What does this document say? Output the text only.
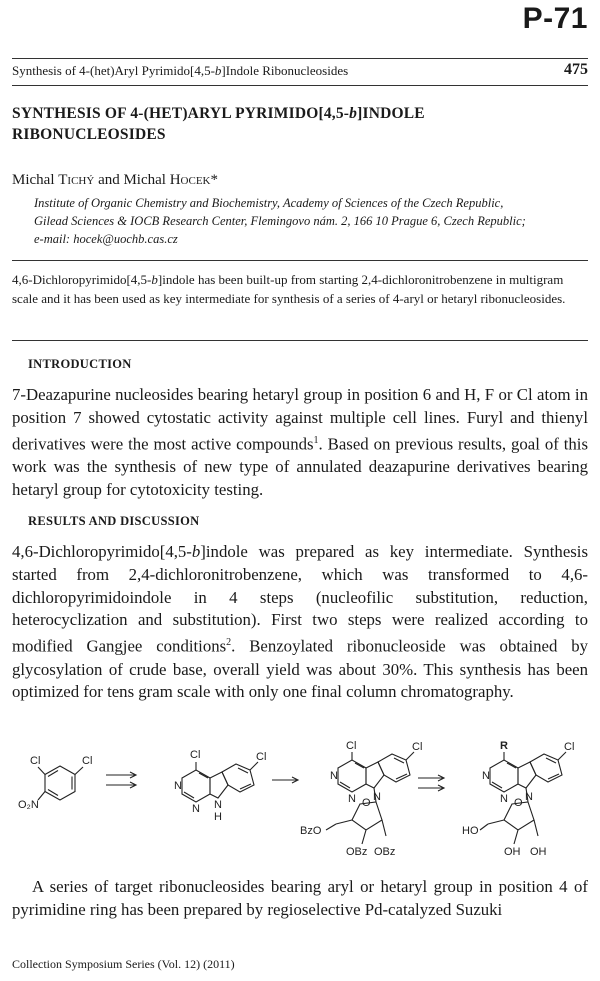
P-71
Synthesis of 4-(het)Aryl Pyrimido[4,5-b]Indole Ribonucleosides	475
SYNTHESIS OF 4-(HET)ARYL PYRIMIDO[4,5-b]INDOLE
RIBONUCLEOSIDES
Michal Tichý and Michal Hocek*
Institute of Organic Chemistry and Biochemistry, Academy of Sciences of the Czech Republic,
Gilead Sciences & IOCB Research Center, Flemingovo nám. 2, 166 10 Prague 6, Czech Republic;
e-mail: hocek@uochb.cas.cz
4,6-Dichloropyrimido[4,5-b]indole has been built-up from starting 2,4-dichloronitrobenzene in multigram scale and it has been used as key intermediate for synthesis of a series of 4-aryl or hetaryl ribonucleosides.
INTRODUCTION

7-Deazapurine nucleosides bearing hetaryl group in position 6 and H, F or Cl atom in position 7 showed cytostatic activity against multiple cell lines. Furyl and thienyl derivatives were the most active compounds$^1$. Based on previous results, goal of this work was the synthesis of new type of annulated deazapurine derivatives bearing hetaryl group for cytotoxicity testing.

RESULTS AND DISCUSSION

4,6-Dichloropyrimido[4,5-b]indole was prepared as key intermediate. Synthesis started from 2,4-dichloronitrobenzene, which was transformed to 4,6-dichloropyrimidoindole in 4 steps (nucleofilic substitution, reduction, heterocyclization and substitution). First two steps were realized according to modified Gangjee conditions$^2$. Benzoylated ribonucleoside was obtained by glycosylation of crude base, overall yield was about 30%. This synthesis has been optimized for tens gram scale with only one final column chromatography.

Cl	Cl
O₂N
Cl	Cl
N
N N
H
Cl	Cl
N
N N
O
BzO
OBz OBz
R	Cl
N
N N
O
HO
OH OH

A series of target ribonucleosides bearing aryl or hetaryl group in position 4 of pyrimidine ring has been prepared by regioselective Pd-catalyzed Suzuki

Collection Symposium Series (Vol. 12) (2011)
